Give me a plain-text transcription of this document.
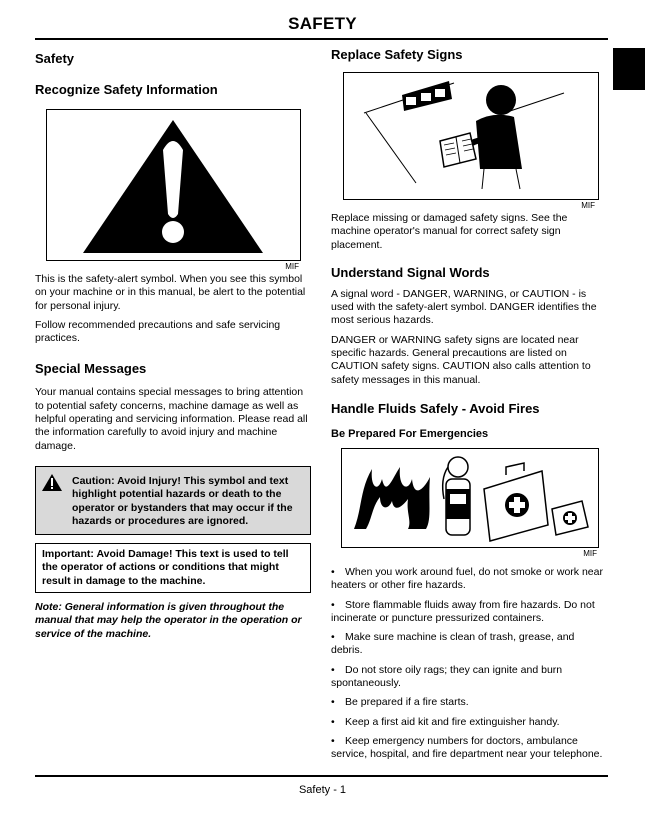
SAFETY
Safety
Recognize Safety Information
MIF

This is the safety-alert symbol. When you see this symbol on your machine or in this manual, be alert to the potential for personal injury.

Follow recommended precautions and safe servicing practices.

Special Messages

Your manual contains special messages to bring attention to potential safety concerns, machine damage as well as helpful operating and servicing information. Please read all the information carefully to avoid injury and machine damage.

Caution: Avoid Injury! This symbol and text highlight potential hazards or death to the operator or bystanders that may occur if the hazards or procedures are ignored.

Important: Avoid Damage! This text is used to tell the operator of actions or conditions that might result in damage to the machine.

Note: General information is given throughout the manual that may help the operator in the operation or service of the machine.

Replace Safety Signs
MIF

Replace missing or damaged safety signs. See the machine operator's manual for correct safety sign placement.

Understand Signal Words

A signal word - DANGER, WARNING, or CAUTION - is used with the safety-alert symbol. DANGER identifies the most serious hazards.

DANGER or WARNING safety signs are located near specific hazards. General precautions are listed on CAUTION safety signs. CAUTION also calls attention to safety messages in this manual.

Handle Fluids Safely - Avoid Fires
Be Prepared For Emergencies
MIF
• When you work around fuel, do not smoke or work near heaters or other fire hazards.
• Store flammable fluids away from fire hazards. Do not incinerate or puncture pressurized containers.
• Make sure machine is clean of trash, grease, and debris.
• Do not store oily rags; they can ignite and burn spontaneously.
• Be prepared if a fire starts.
• Keep a first aid kit and fire extinguisher handy.
• Keep emergency numbers for doctors, ambulance service, hospital, and fire department near your telephone.
Safety - 1
